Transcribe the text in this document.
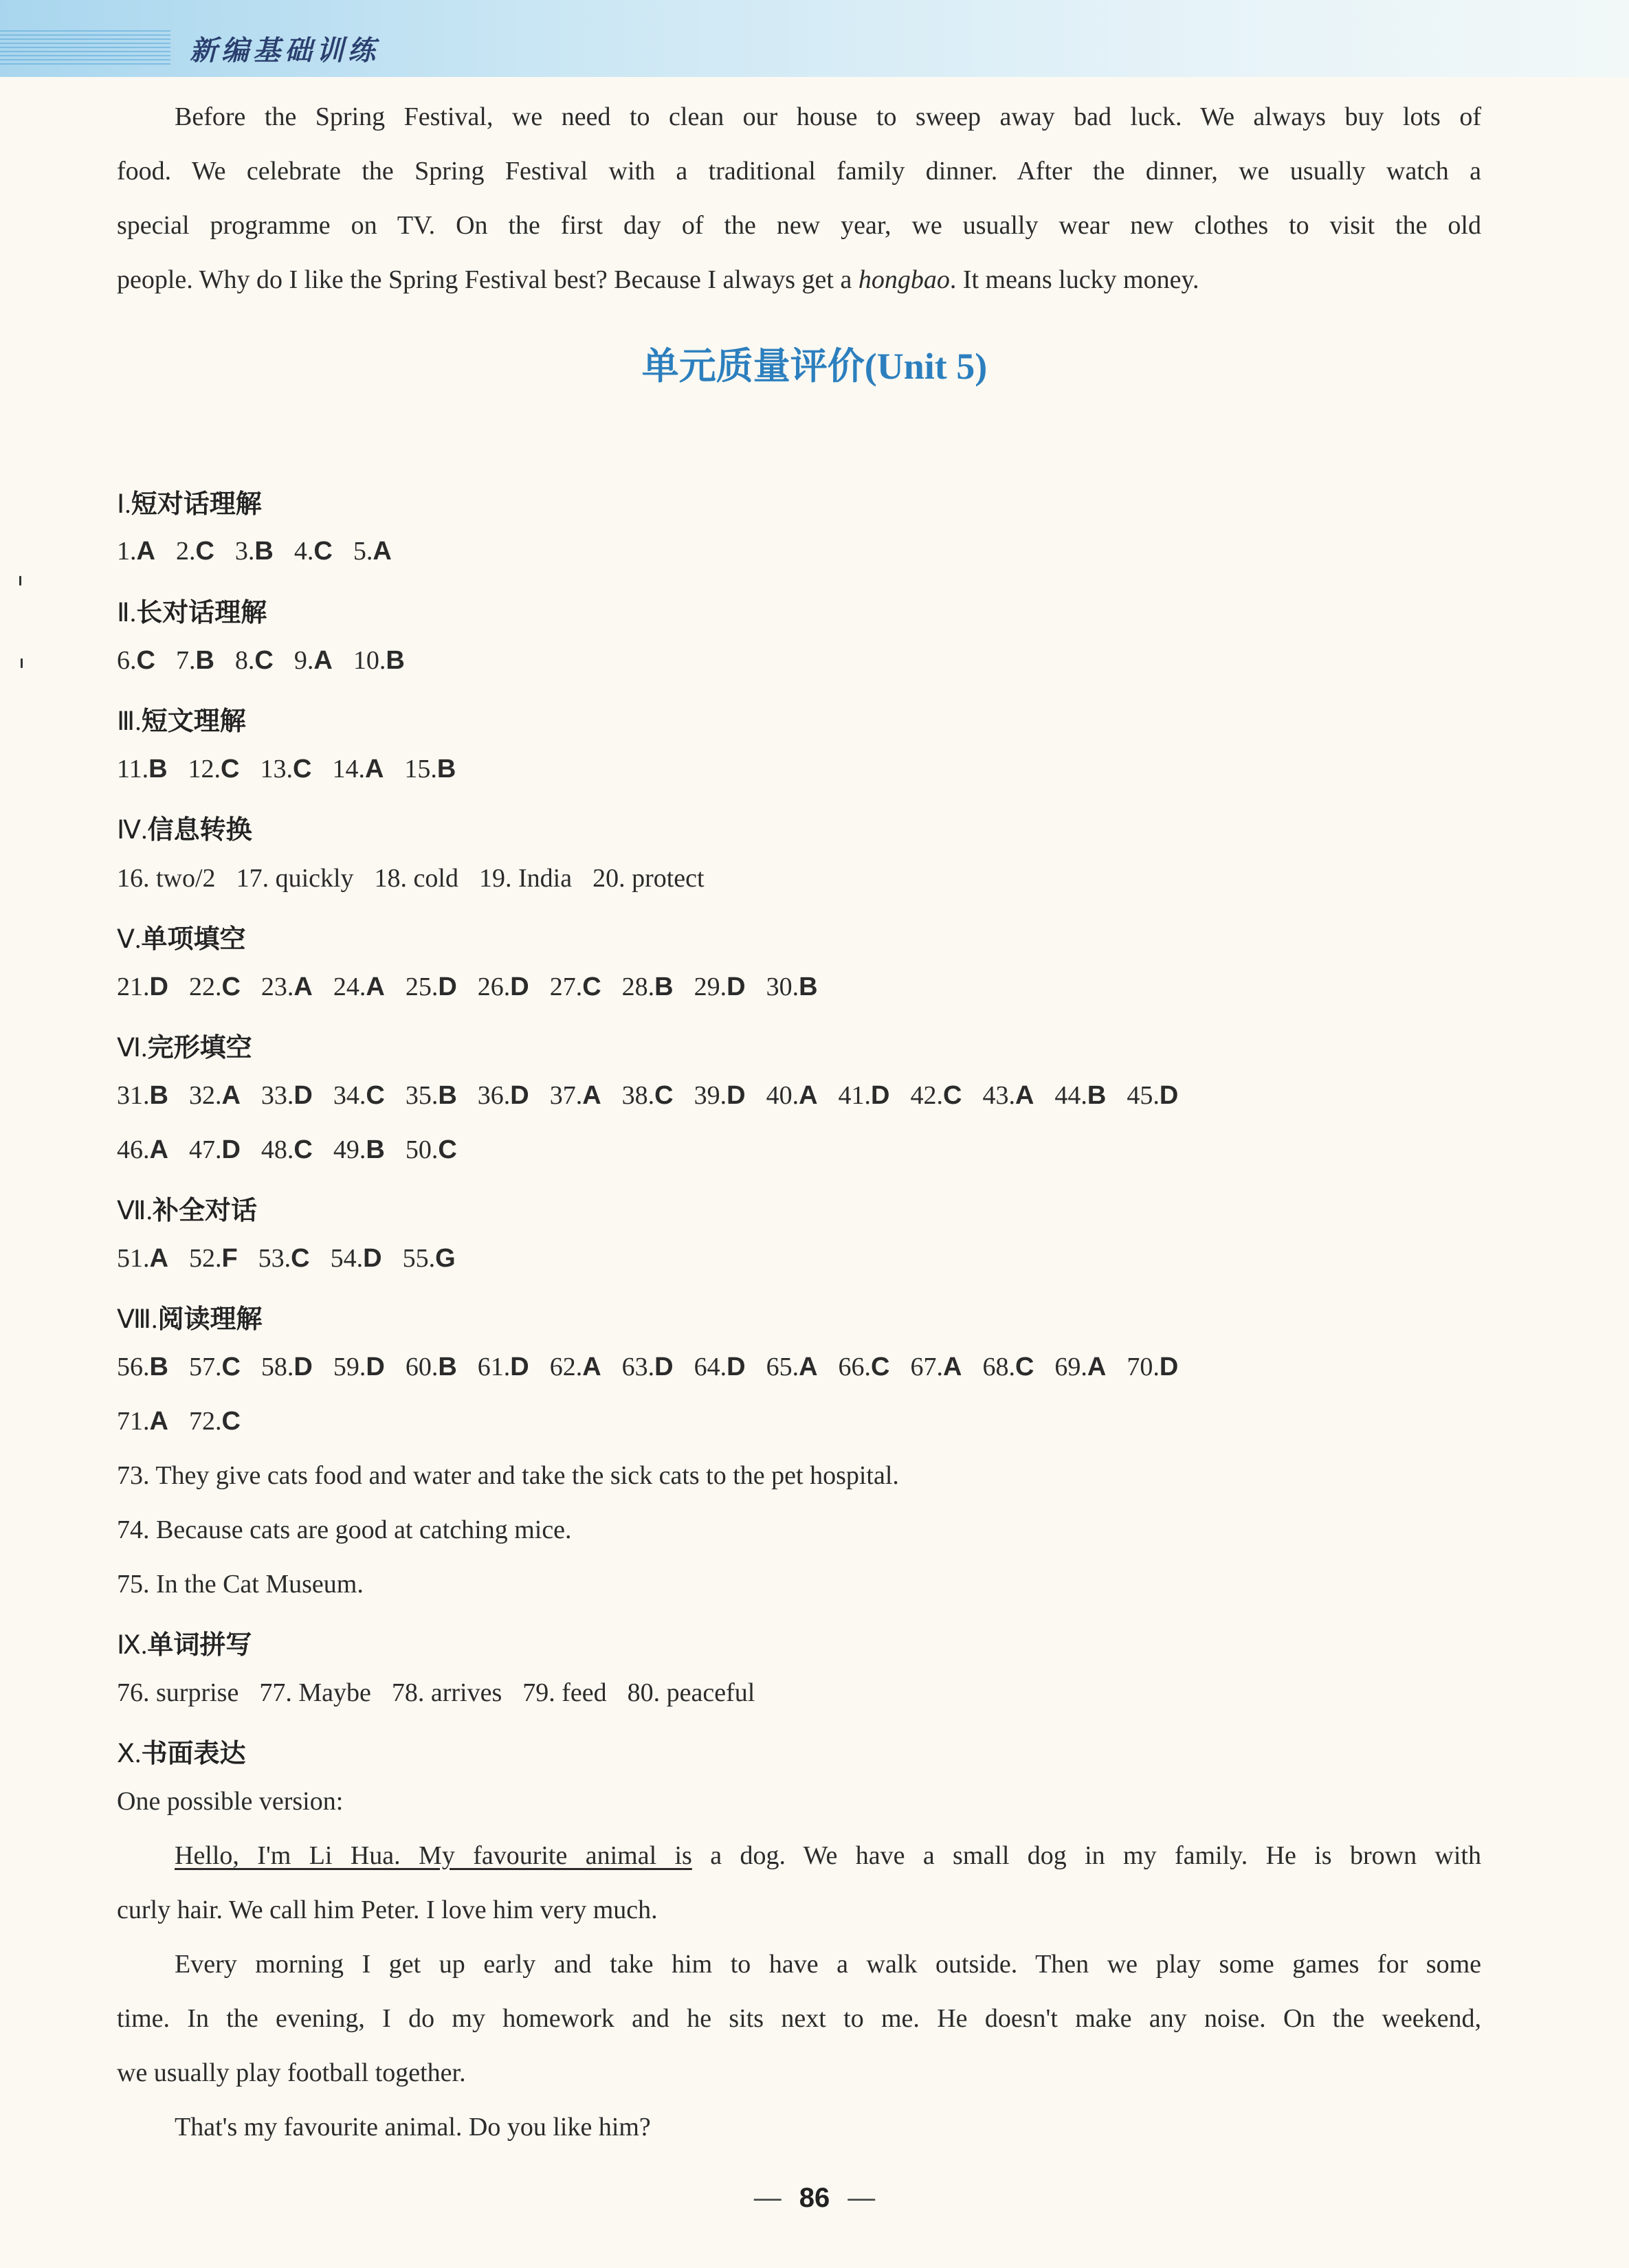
新编基础训练
Before the Spring Festival, we need to clean our house to sweep away bad luck. We always buy lots of
food. We celebrate the Spring Festival with a traditional family dinner. After the dinner, we usually watch a
special programme on TV. On the first day of the new year, we usually wear new clothes to visit the old
people. Why do I like the Spring Festival best? Because I always get a hongbao. It means lucky money.
单元质量评价(Unit 5)
Ⅰ.短对话理解
1.A 2.C 3.B 4.C 5.A
Ⅱ.长对话理解
6.C 7.B 8.C 9.A 10.B
Ⅲ.短文理解
11.B 12.C 13.C 14.A 15.B
Ⅳ.信息转换
16. two/2 17. quickly 18. cold 19. India 20. protect
Ⅴ.单项填空
21.D 22.C 23.A 24.A 25.D 26.D 27.C 28.B 29.D 30.B
Ⅵ.完形填空
31.B 32.A 33.D 34.C 35.B 36.D 37.A 38.C 39.D 40.A 41.D 42.C 43.A 44.B 45.D
46.A 47.D 48.C 49.B 50.C
Ⅶ.补全对话
51.A 52.F 53.C 54.D 55.G
Ⅷ.阅读理解
56.B 57.C 58.D 59.D 60.B 61.D 62.A 63.D 64.D 65.A 66.C 67.A 68.C 69.A 70.D
71.A 72.C
73. They give cats food and water and take the sick cats to the pet hospital.
74. Because cats are good at catching mice.
75. In the Cat Museum.
Ⅸ.单词拼写
76. surprise 77. Maybe 78. arrives 79. feed 80. peaceful
Ⅹ.书面表达
One possible version:
Hello, I'm Li Hua. My favourite animal is a dog. We have a small dog in my family. He is brown with
curly hair. We call him Peter. I love him very much.
Every morning I get up early and take him to have a walk outside. Then we play some games for some
time. In the evening, I do my homework and he sits next to me. He doesn't make any noise. On the weekend,
we usually play football together.
That's my favourite animal. Do you like him?
— 86 —
